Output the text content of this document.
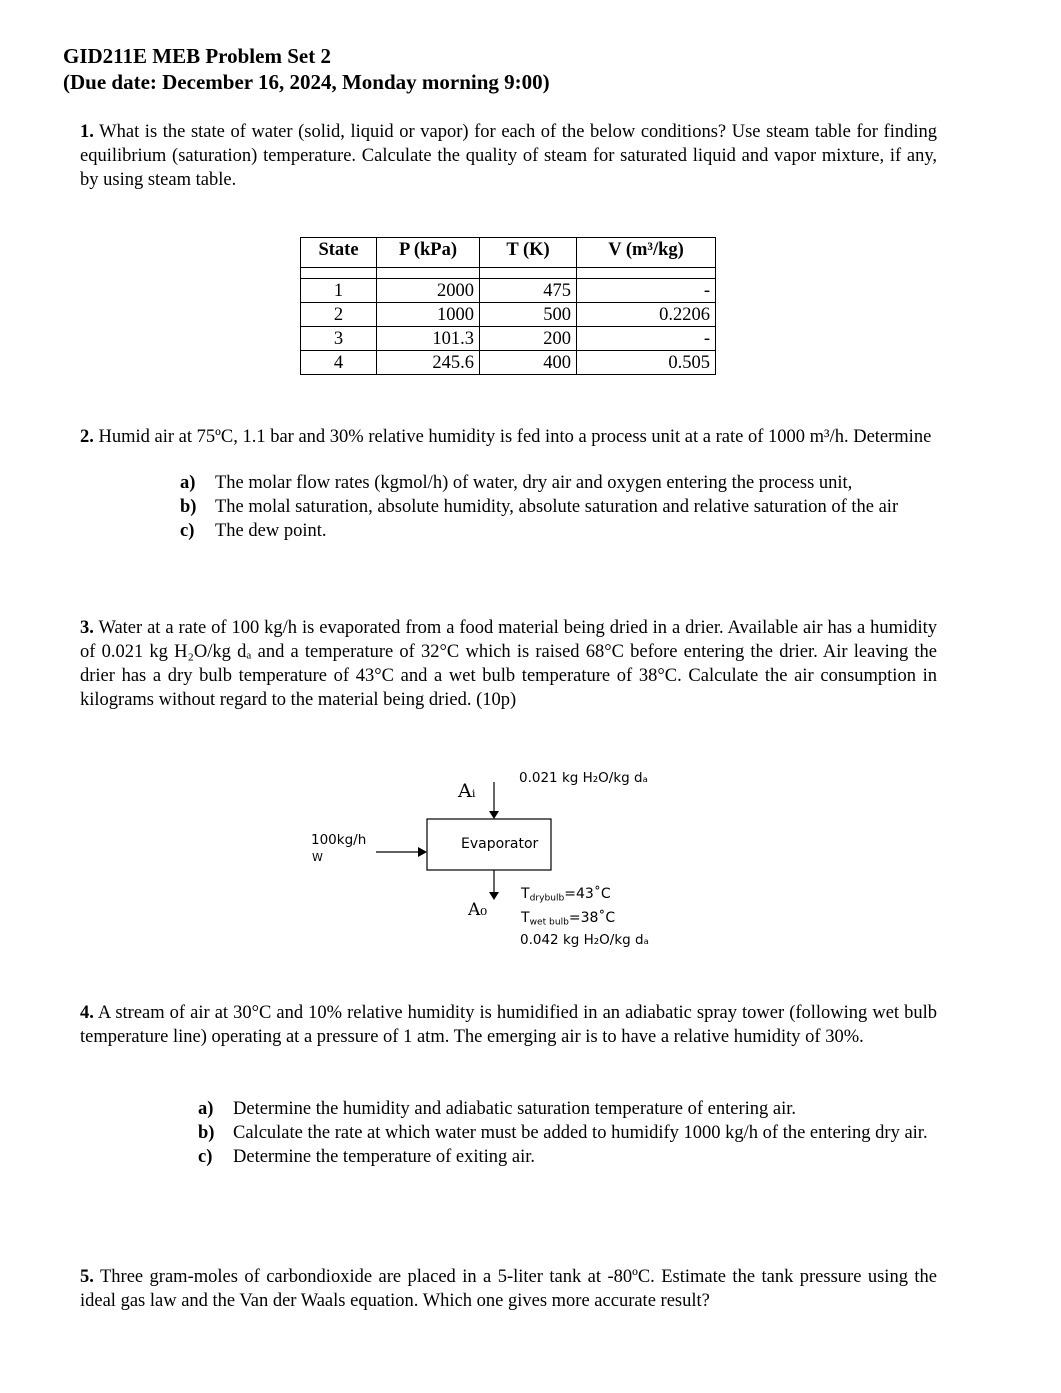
GID211E MEB Problem Set 2
(Due date: December 16, 2024, Monday morning 9:00)
1. What is the state of water (solid, liquid or vapor) for each of the below conditions? Use steam table for finding equilibrium (saturation) temperature. Calculate the quality of steam for saturated liquid and vapor mixture, if any, by using steam table.
State	P (kPa)	T (K)	V (m³/kg)

1	2000	475	-
2	1000	500	0.2206
3	101.3	200	-
4	245.6	400	0.505
2. Humid air at 75ºC, 1.1 bar and 30% relative humidity is fed into a process unit at a rate of 1000 m³/h. Determine
a) The molar flow rates (kgmol/h) of water, dry air and oxygen entering the process unit,
b) The molal saturation, absolute humidity, absolute saturation and relative saturation of the air
c) The dew point.
3. Water at a rate of 100 kg/h is evaporated from a food material being dried in a drier. Available air has a humidity of 0.021 kg H₂O/kg dₐ and a temperature of 32°C which is raised 68°C before entering the drier. Air leaving the drier has a dry bulb temperature of 43°C and a wet bulb temperature of 38°C. Calculate the air consumption in kilograms without regard to the material being dried. (10p)
Aᵢ
0.021 kg H₂O/kg dₐ
Evaporator
100kg/h
W
A₀
$T_{drybulb}=43˚C$
$T_{wet bulb}=38˚C$
0.042 kg H₂O/kg dₐ
4. A stream of air at 30°C and 10% relative humidity is humidified in an adiabatic spray tower (following wet bulb temperature line) operating at a pressure of 1 atm. The emerging air is to have a relative humidity of 30%.
a) Determine the humidity and adiabatic saturation temperature of entering air.
b) Calculate the rate at which water must be added to humidify 1000 kg/h of the entering dry air.
c) Determine the temperature of exiting air.
5. Three gram-moles of carbondioxide are placed in a 5-liter tank at -80ºC. Estimate the tank pressure using the ideal gas law and the Van der Waals equation. Which one gives more accurate result?
